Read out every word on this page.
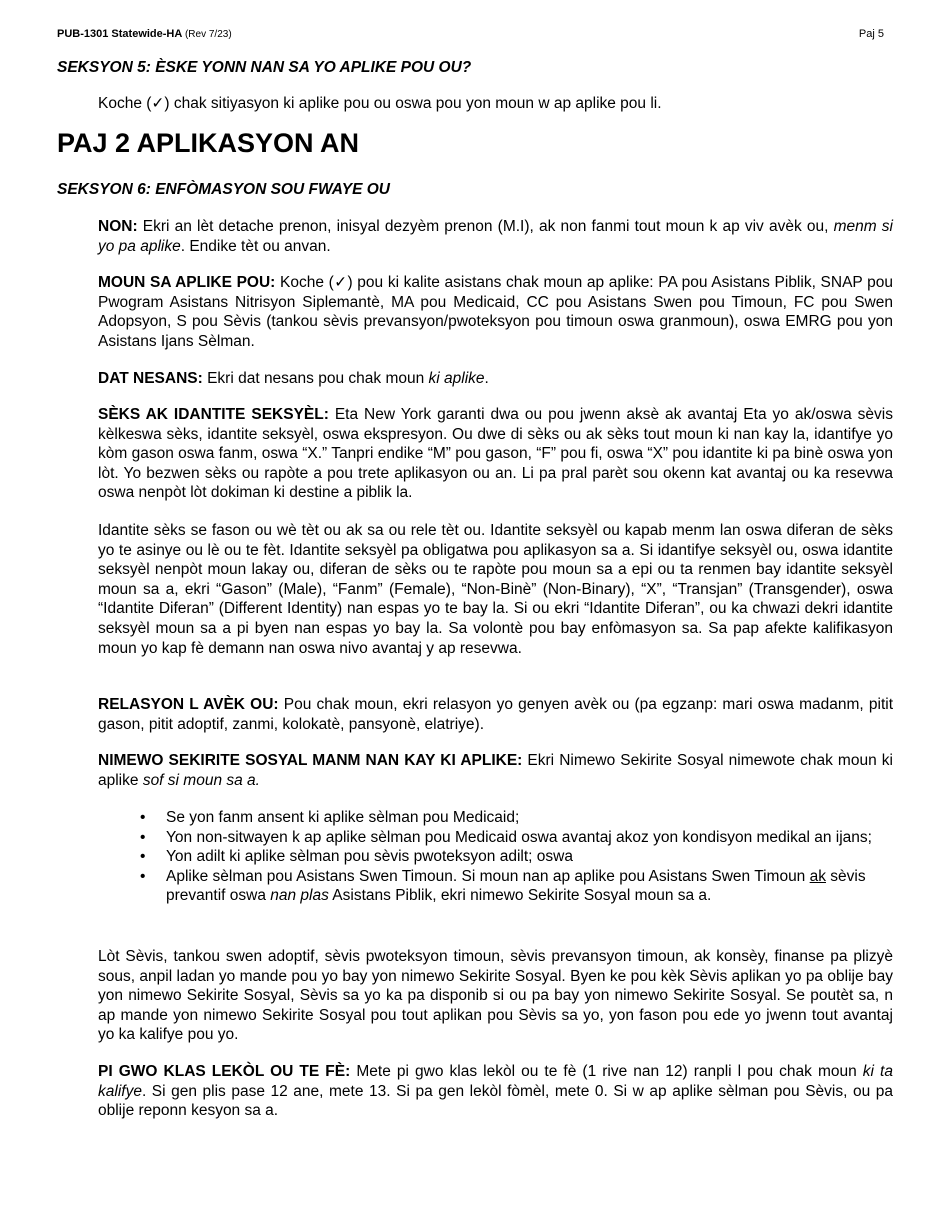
PUB-1301 Statewide-HA (Rev 7/23)	Paj 5
SEKSYON 5: ÈSKE YONN NAN SA YO APLIKE POU OU?

Koche (✓) chak sitiyasyon ki aplike pou ou oswa pou yon moun w ap aplike pou li.

PAJ 2 APLIKASYON AN
SEKSYON 6: ENFÒMASYON SOU FWAYE OU

NON: Ekri an lèt detache prenon, inisyal dezyèm prenon (M.I), ak non fanmi tout moun k ap viv avèk ou, menm si yo pa aplike. Endike tèt ou anvan.

MOUN SA APLIKE POU: Koche (✓) pou ki kalite asistans chak moun ap aplike: PA pou Asistans Piblik, SNAP pou Pwogram Asistans Nitrisyon Siplemantè, MA pou Medicaid, CC pou Asistans Swen pou Timoun, FC pou Swen Adopsyon, S pou Sèvis (tankou sèvis prevansyon/pwoteksyon pou timoun oswa granmoun), oswa EMRG pou yon Asistans Ijans Sèlman.

DAT NESANS: Ekri dat nesans pou chak moun ki aplike.

SÈKS AK IDANTITE SEKSYÈL: Eta New York garanti dwa ou pou jwenn aksè ak avantaj Eta yo ak/oswa sèvis kèlkeswa sèks, idantite seksyèl, oswa ekspresyon. Ou dwe di sèks ou ak sèks tout moun ki nan kay la, idantifye yo kòm gason oswa fanm, oswa “X.” Tanpri endike “M” pou gason, “F” pou fi, oswa “X” pou idantite ki pa binè oswa yon lòt. Yo bezwen sèks ou rapòte a pou trete aplikasyon ou an. Li pa pral parèt sou okenn kat avantaj ou ka resevwa oswa nenpòt lòt dokiman ki destine a piblik la.

Idantite sèks se fason ou wè tèt ou ak sa ou rele tèt ou. Idantite seksyèl ou kapab menm lan oswa diferan de sèks yo te asinye ou lè ou te fèt. Idantite seksyèl pa obligatwa pou aplikasyon sa a. Si idantifye seksyèl ou, oswa idantite seksyèl nenpòt moun lakay ou, diferan de sèks ou te rapòte pou moun sa a epi ou ta renmen bay idantite seksyèl moun sa a, ekri “Gason” (Male), “Fanm” (Female), “Non-Binè” (Non-Binary), “X”, “Transjan” (Transgender), oswa “Idantite Diferan” (Different Identity) nan espas yo te bay la. Si ou ekri “Idantite Diferan”, ou ka chwazi dekri idantite seksyèl moun sa a pi byen nan espas yo bay la. Sa volontè pou bay enfòmasyon sa. Sa pap afekte kalifikasyon moun yo kap fè demann nan oswa nivo avantaj y ap resevwa.

RELASYON L AVÈK OU: Pou chak moun, ekri relasyon yo genyen avèk ou (pa egzanp: mari oswa madanm, pitit gason, pitit adoptif, zanmi, kolokatè, pansyonè, elatriye).

NIMEWO SEKIRITE SOSYAL MANM NAN KAY KI APLIKE: Ekri Nimewo Sekirite Sosyal nimewote chak moun ki aplike sof si moun sa a.

• Se yon fanm ansent ki aplike sèlman pou Medicaid;
• Yon non-sitwayen k ap aplike sèlman pou Medicaid oswa avantaj akoz yon kondisyon medikal an ijans;
• Yon adilt ki aplike sèlman pou sèvis pwoteksyon adilt; oswa
• Aplike sèlman pou Asistans Swen Timoun. Si moun nan ap aplike pou Asistans Swen Timoun ak sèvis prevantif oswa nan plas Asistans Piblik, ekri nimewo Sekirite Sosyal moun sa a.

Lòt Sèvis, tankou swen adoptif, sèvis pwoteksyon timoun, sèvis prevansyon timoun, ak konsèy, finanse pa plizyè sous, anpil ladan yo mande pou yo bay yon nimewo Sekirite Sosyal. Byen ke pou kèk Sèvis aplikan yo pa oblije bay yon nimewo Sekirite Sosyal, Sèvis sa yo ka pa disponib si ou pa bay yon nimewo Sekirite Sosyal. Se poutèt sa, n ap mande yon nimewo Sekirite Sosyal pou tout aplikan pou Sèvis sa yo, yon fason pou ede yo jwenn tout avantaj yo ka kalifye pou yo.

PI GWO KLAS LEKÒL OU TE FÈ: Mete pi gwo klas lekòl ou te fè (1 rive nan 12) ranpli l pou chak moun ki ta kalifye. Si gen plis pase 12 ane, mete 13. Si pa gen lekòl fòmèl, mete 0. Si w ap aplike sèlman pou Sèvis, ou pa oblije reponn kesyon sa a.
